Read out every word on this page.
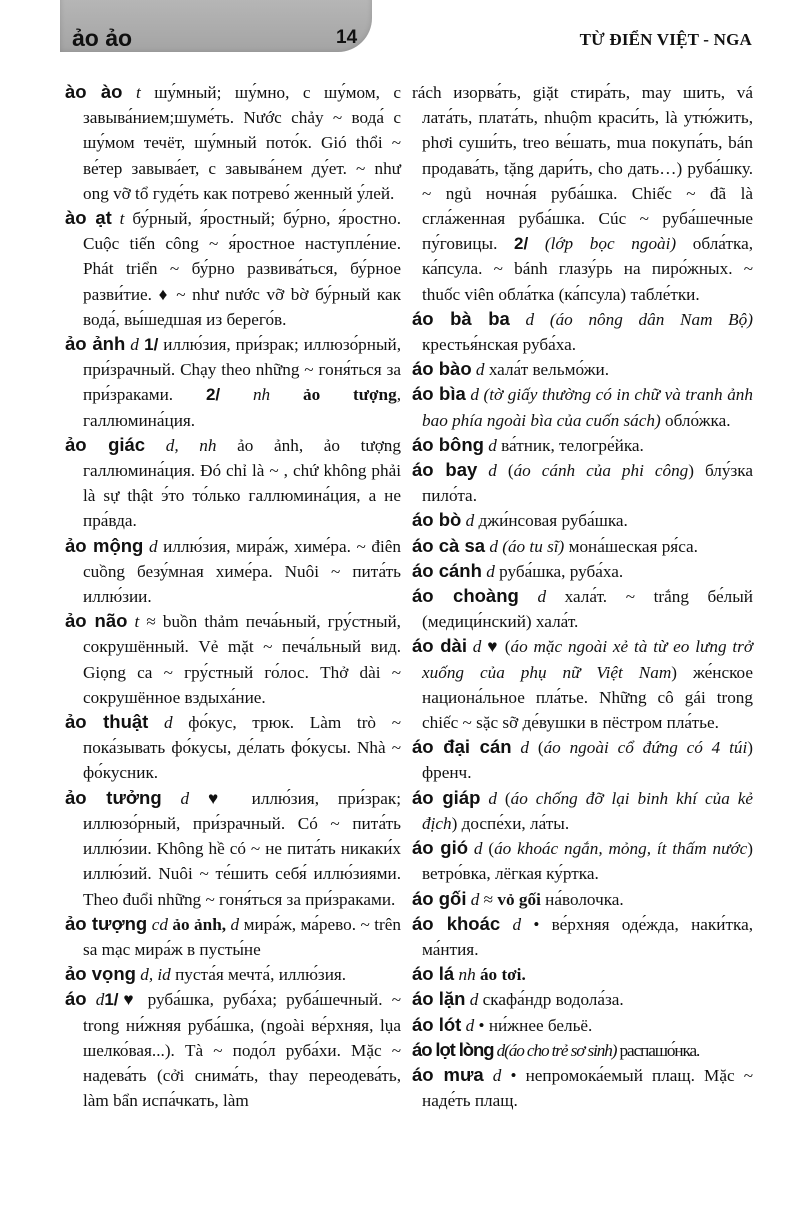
ảo ảo	14	TỪ ĐIỂN VIỆT - NGA
ào ào t шу́мный; шу́мно, с шу́мом, с завыва́нием;шуме́ть. Nước chảy ~ вода́ с шу́мом течёт, шу́мный пото́к. Gió thổi ~ ве́тер завыва́ет, с завыва́нем ду́ет. ~ như ong vỡ tổ гуде́ть как потрево́ женный у́лей.
ào ạt t бу́рный, я́ростный; бу́рно, я́ростно. Cuộc tiến công ~ я́ростное наступле́ние. Phát triển ~ бу́рно развива́ться, бу́рное разви́тие. ♦ ~ như nước vỡ bờ бу́рный как вода́, вы́шедшая из берего́в.
ảo ảnh d 1/ иллю́зия, при́зрак; иллюзо́рный, при́зрачный. Chạy theo những ~ гоня́ться за при́зраками. 2/ nh ảo tượng, галлюмина́ция.
ảo giác d, nh ảo ảnh, ảo tượng галлюмина́ция. Đó chỉ là ~ , chứ không phải là sự thật э́то то́лько галлюмина́ция, а не пра́вда.
ảo mộng d иллю́зия, мира́ж, химе́ра. ~ điên cuồng безу́мная химе́ра. Nuôi ~ пита́ть иллю́зии.
ảo não t ≈ buồn thảm печа́ьный, гру́стный, сокрушённый. Vẻ mặt ~ печа́льный вид. Giọng ca ~ гру́стный го́лос. Thở dài ~ сокрушённое вздыха́ние.
ảo thuật d фо́кус, трюк. Làm trò ~ пока́зывать фо́кусы, де́лать фо́кусы. Nhà ~ фо́кусник.
ảo tưởng d ♥ иллю́зия, при́зрак; иллюзо́рный, при́зрачный. Có ~ пита́ть иллю́зии. Không hề có ~ не пита́ть никаки́х иллю́зий. Nuôi ~ те́шить себя́ иллю́зиями. Theo đuổi những ~ гоня́ться за при́зраками.
ảo tượng cd ảo ảnh, d мира́ж, ма́рево. ~ trên sa mạc мира́ж в пусты́не
ảo vọng d, id пуста́я мечта́, иллю́зия.
áo d1/♥ руба́шка, руба́ха; руба́шечный. ~ trong ни́жняя руба́шка, (ngoài ве́рхняя, lụa шелко́вая...). Tà ~ подо́л руба́хи. Mặc ~ надева́ть (cởi снима́ть, thay переодева́ть, làm bẩn испа́чкать, làm
rách изорва́ть, giặt стира́ть, may шить, vá лата́ть, плата́ть, nhuộm краси́ть, là утю́жить, phơi суши́ть, treo ве́шать, mua покупа́ть, bán продава́ть, tặng дари́ть, cho дать…) руба́шку. ~ ngủ ночна́я руба́шка. Chiếc ~ đã là сгла́женная руба́шка. Cúc ~ руба́шечные пу́говицы. 2/ (lớp bọc ngoài) обла́тка, ка́псула. ~ bánh глазу́рь на пиро́жных. ~ thuốc viên обла́тка (ка́псула) табле́тки.
áo bà ba d (áo nông dân Nam Bộ) крестья́нская руба́ха.
áo bào d хала́т вельмо́жи.
áo bìa d (tờ giấy thường có in chữ và tranh ảnh bao phía ngoài bìa của cuốn sách) обло́жка.
áo bông d ва́тник, телогре́йка.
áo bay d (áo cánh của phi công) блу́зка пило́та.
áo bò d джи́нсовая руба́шка.
áo cà sa d (áo tu sĩ) мона́шеская ря́са.
áo cánh d руба́шка, руба́ха.
áo choàng d хала́т. ~ trắng бе́лый (медици́нский) хала́т.
áo dài d ♥ (áo mặc ngoài xẻ tà từ eo lưng trở xuống của phụ nữ Việt Nam) же́нское национа́льное пла́тье. Những cô gái trong chiếc ~ sặc sỡ де́вушки в пёстром пла́тье.
áo đại cán d (áo ngoài cổ đứng có 4 túi) френч.
áo giáp d (áo chống đỡ lại binh khí của kẻ địch) доспе́хи, ла́ты.
áo gió d (áo khoác ngắn, mỏng, ít thấm nước) ветро́вка, лёгкая ку́ртка.
áo gối d ≈ vỏ gối на́волочка.
áo khoác d • ве́рхняя оде́жда, наки́тка, ма́нтия.
áo lá nh áo tơi.
áo lặn d скафа́ндр водола́за.
áo lót d • ни́жнее бельё.
áo lọt lòng d(áo cho trẻ sơ sinh) распашо́нка.
áo mưa d • непромока́емый плащ. Mặc ~ наде́ть плащ.
